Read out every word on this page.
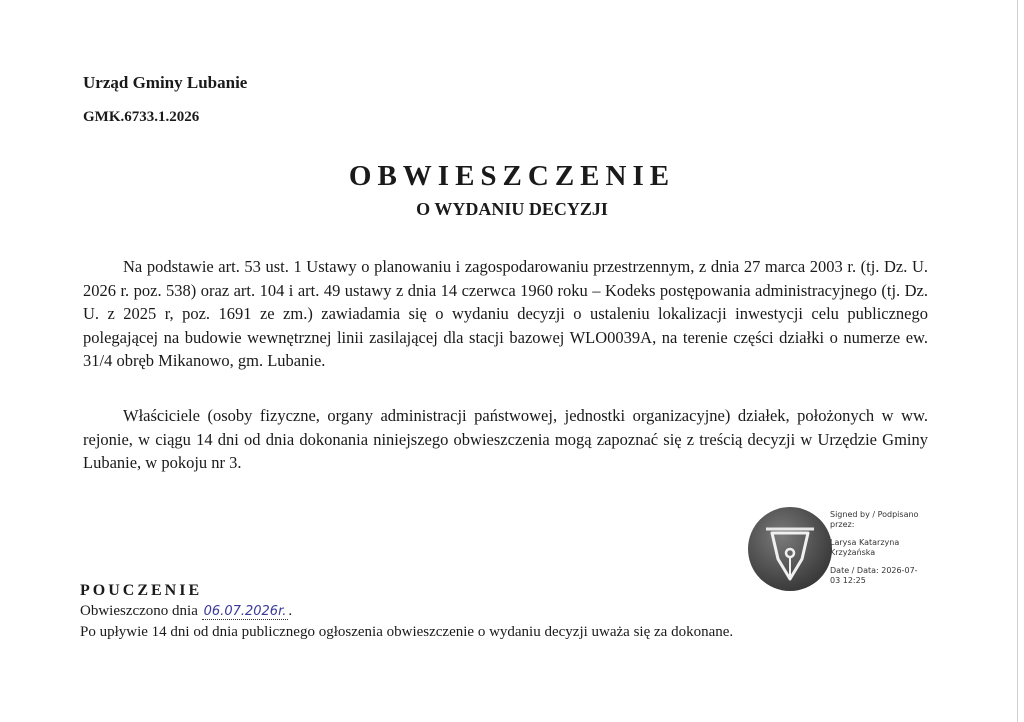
Urząd Gminy Lubanie
GMK.6733.1.2026
OBWIESZCZENIE
O WYDANIU DECYZJI

Na podstawie art. 53 ust. 1 Ustawy o planowaniu i zagospodarowaniu przestrzennym, z dnia 27 marca 2003 r. (tj. Dz. U. 2026 r. poz. 538) oraz art. 104 i art. 49 ustawy z dnia 14 czerwca 1960 roku – Kodeks postępowania administracyjnego (tj. Dz. U. z 2025 r, poz. 1691 ze zm.) zawiadamia się o wydaniu decyzji o ustaleniu lokalizacji inwestycji celu publicznego polegającej na budowie wewnętrznej linii zasilającej dla stacji bazowej WLO0039A, na terenie części działki o numerze ew. 31/4 obręb Mikanowo, gm. Lubanie.

Właściciele (osoby fizyczne, organy administracji państwowej, jednostki organizacyjne) działek, położonych w ww. rejonie, w ciągu 14 dni od dnia dokonania niniejszego obwieszczenia mogą zapoznać się z treścią decyzji w Urzędzie Gminy Lubanie, w pokoju nr 3.

Signed by / Podpisano przez:
Larysa Katarzyna Krzyżańska
Date / Data: 2026-07-03 12:25
POUCZENIE
Obwieszczono dnia 06.07.2026r. .
Po upływie 14 dni od dnia publicznego ogłoszenia obwieszczenie o wydaniu decyzji uważa się za dokonane.
